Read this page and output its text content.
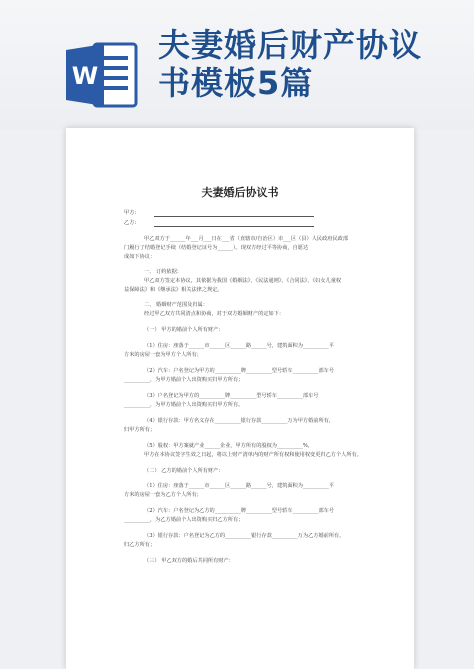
W
夫妻婚后财产协议
书模板5篇
夫妻婚后协议书
甲方:
乙方:
甲乙双方于______年___月___日在___省（直辖市/自治区）市___区（县）人民政府民政部
门履行了结婚登记手续（结婚登记证号为______）。现双方经过平等协商，自愿达
成如下协议：
一、 订约依据：
甲乙双方签定本协议，其依据为我国《婚姻法》、《民法通则》、《合同法》、《妇女儿童权
益保障法》和《继承法》相关法律之规定。
二、 婚姻财产范围及归属：
经过甲乙双方共同清点和协商，对于双方婚姻财产的定如下：
（一） 甲方的婚前个人所有财产：
（1）住房：座落于______市______区______路______号，建筑面积为__________平
方米的房屋一套为甲方个人所有；
（2）汽车：户名登记为甲方的__________牌__________型号轿车__________部车号
__________，为甲方婚前个人出资购买归甲方所有；
（3）户名登记为甲方的__________牌__________型号轿车__________部车号
__________，为甲方婚前个人出资购买归甲方所有。
（4）银行存款：甲方名义存在__________银行存款__________万为甲方婚前所有，
归甲方所有；
（5）股权：甲方案就产业______企业，甲方所有的股权为__________%，
甲方在本协议签字生效之日起，将以上财产清单内的财产所有权和使用权变更归乙方个人所有。
（二） 乙方的婚前个人所有财产：
（1）住房：座落于______市______区______路______号，建筑面积为__________平
方米的房屋一套为乙方个人所有；
（2）汽车：户名登记为乙方的__________牌__________型号轿车__________部车号
__________，为乙方婚前个人出资购买归乙方所有；
（3）银行存款：户名登记为乙方的__________银行存款__________万为乙方婚前所有，
归乙方所有；
（三） 甲乙双方的婚后共同所有财产：
